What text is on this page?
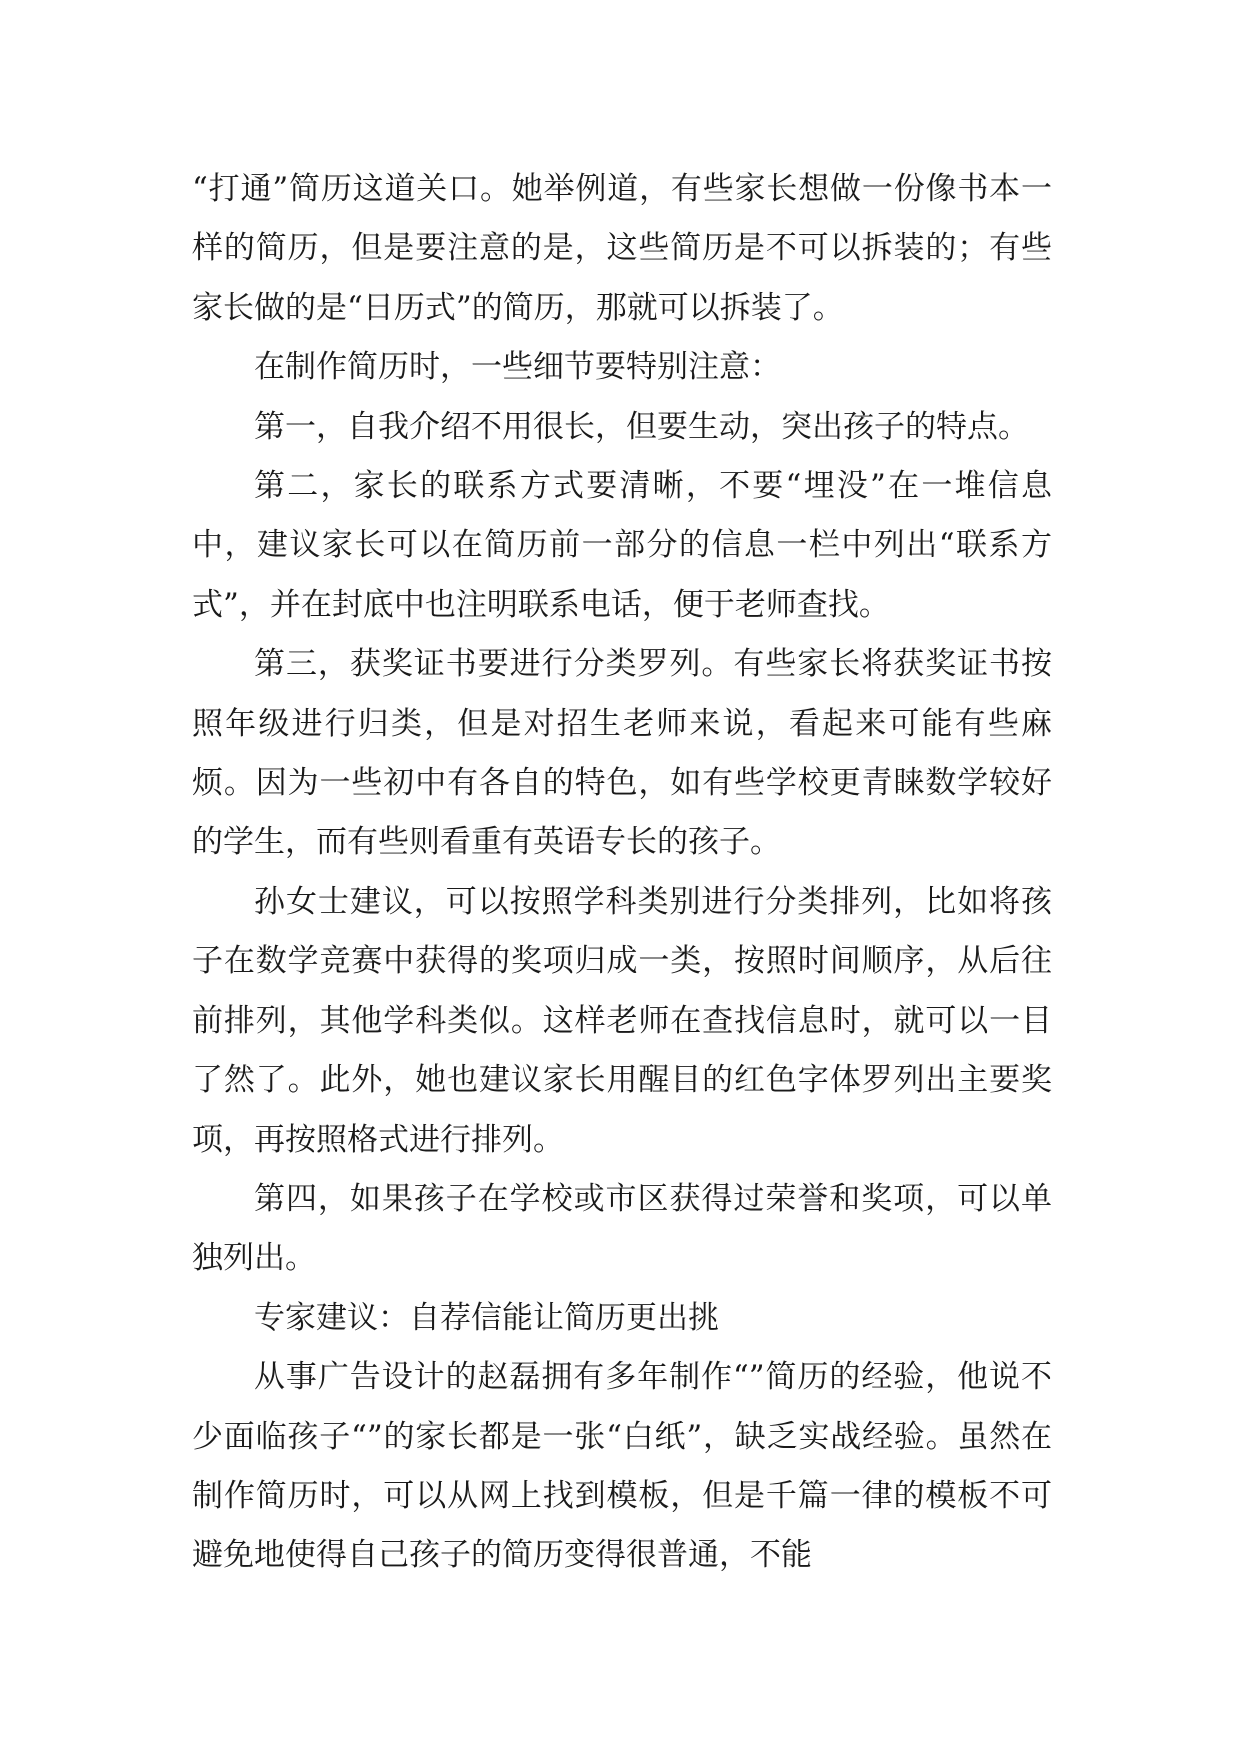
“打通”简历这道关口。她举例道，有些家长想做一份像书本一样的简历，但是要注意的是，这些简历是不可以拆装的；有些家长做的是“日历式”的简历，那就可以拆装了。

在制作简历时，一些细节要特别注意：

第一，自我介绍不用很长，但要生动，突出孩子的特点。

第二，家长的联系方式要清晰，不要“埋没”在一堆信息中，建议家长可以在简历前一部分的信息一栏中列出“联系方式”，并在封底中也注明联系电话，便于老师查找。

第三，获奖证书要进行分类罗列。有些家长将获奖证书按照年级进行归类，但是对招生老师来说，看起来可能有些麻烦。因为一些初中有各自的特色，如有些学校更青睐数学较好的学生，而有些则看重有英语专长的孩子。

孙女士建议，可以按照学科类别进行分类排列，比如将孩子在数学竞赛中获得的奖项归成一类，按照时间顺序，从后往前排列，其他学科类似。这样老师在查找信息时，就可以一目了然了。此外，她也建议家长用醒目的红色字体罗列出主要奖项，再按照格式进行排列。

第四，如果孩子在学校或市区获得过荣誉和奖项，可以单独列出。

专家建议：自荐信能让简历更出挑

从事广告设计的赵磊拥有多年制作“”简历的经验，他说不少面临孩子“”的家长都是一张“白纸”，缺乏实战经验。虽然在制作简历时，可以从网上找到模板，但是千篇一律的模板不可避免地使得自己孩子的简历变得很普通，不能
